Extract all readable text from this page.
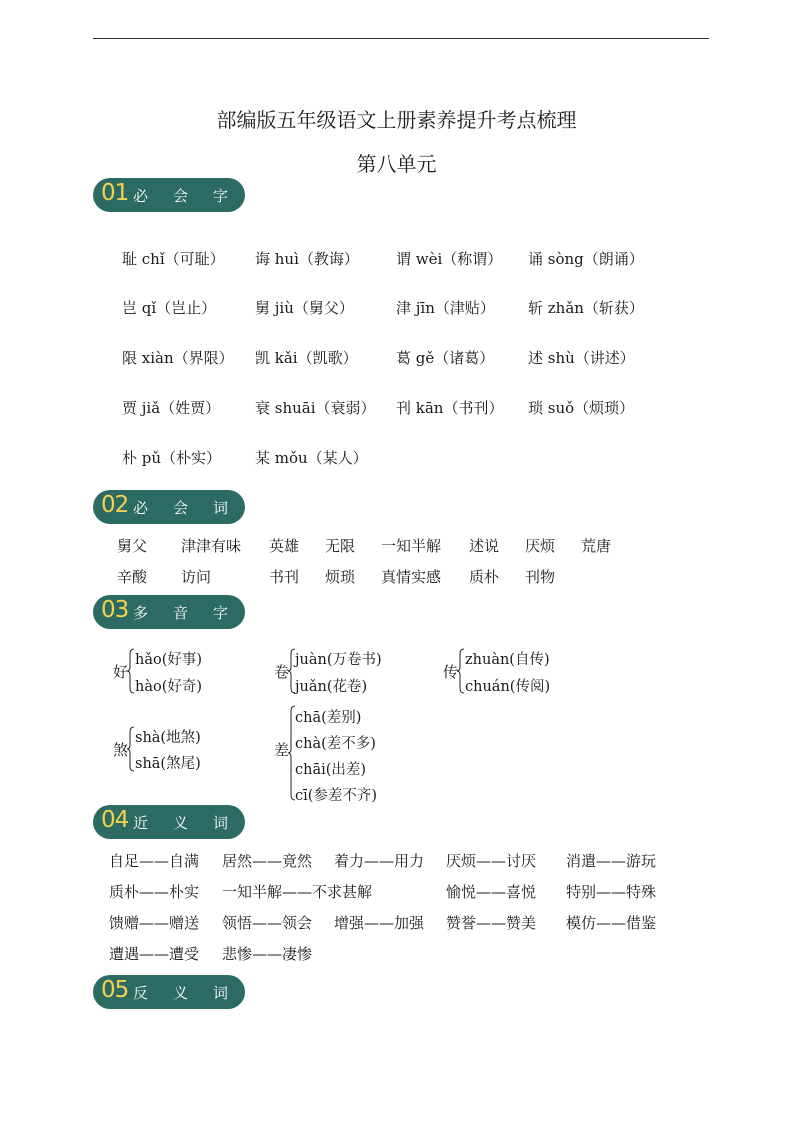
部编版五年级语文上册素养提升考点梳理
第八单元
01 必会字
02 必会词
03 多音字
04 近义词
05 反义词
耻 chǐ（可耻） 诲 huì（教诲） 谓 wèi（称谓） 诵 sòng（朗诵）
岂 qǐ（岂止）	舅 jiù（舅父）	津 jīn（津贴） 斩 zhǎn（斩获）
限 xiàn（界限） 凯 kǎi（凯歌）	葛 gě（诸葛） 述 shù（讲述）
贾 jiǎ（姓贾） 衰 shuāi（衰弱） 刊 kān（书刊） 琐 suǒ（烦琐）
朴 pǔ（朴实） 某 mǒu（某人）
舅父 津津有味 英雄 无限 一知半解 述说 厌烦 荒唐
辛酸 访问	书刊 烦琐 真情实感 质朴 刊物
好
hǎo(好事)
hào(好奇)
卷
juàn(万卷书)
juǎn(花卷)
传
zhuàn(自传)
chuán(传阅)
煞
shà(地煞)
shā(煞尾)
差
chā(差别)
chà(差不多)
chāi(出差)
cī(参差不齐)
自足——自满 居然——竟然 着力——用力 厌烦——讨厌 消遣——游玩
质朴——朴实 一知半解——不求甚解	愉悦——喜悦 特别——特殊
馈赠——赠送 领悟——领会 增强——加强 赞誉——赞美 模仿——借鉴
遭遇——遭受 悲惨——凄惨
